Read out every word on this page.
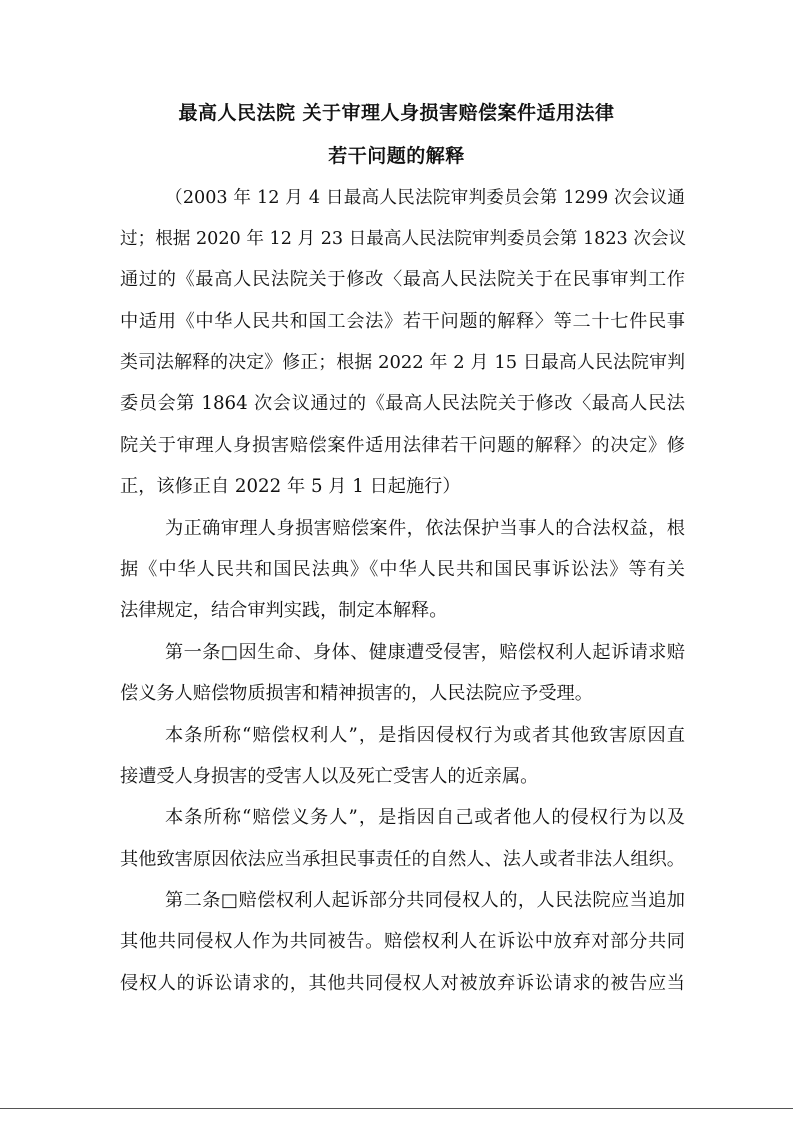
最高人民法院 关于审理人身损害赔偿案件适用法律
若干问题的解释
（2003 年 12 月 4 日最高人民法院审判委员会第 1299 次会议通
过；根据 2020 年 12 月 23 日最高人民法院审判委员会第 1823 次会议
通过的《最高人民法院关于修改〈最高人民法院关于在民事审判工作
中适用《中华人民共和国工会法》若干问题的解释〉等二十七件民事
类司法解释的决定》修正；根据 2022 年 2 月 15 日最高人民法院审判
委员会第 1864 次会议通过的《最高人民法院关于修改〈最高人民法
院关于审理人身损害赔偿案件适用法律若干问题的解释〉的决定》修
正，该修正自 2022 年 5 月 1 日起施行）
为正确审理人身损害赔偿案件，依法保护当事人的合法权益，根
据《中华人民共和国民法典》《中华人民共和国民事诉讼法》等有关
法律规定，结合审判实践，制定本解释。
第一条□因生命、身体、健康遭受侵害，赔偿权利人起诉请求赔
偿义务人赔偿物质损害和精神损害的，人民法院应予受理。
本条所称“赔偿权利人”，是指因侵权行为或者其他致害原因直
接遭受人身损害的受害人以及死亡受害人的近亲属。
本条所称“赔偿义务人”，是指因自己或者他人的侵权行为以及
其他致害原因依法应当承担民事责任的自然人、法人或者非法人组织。
第二条□赔偿权利人起诉部分共同侵权人的，人民法院应当追加
其他共同侵权人作为共同被告。赔偿权利人在诉讼中放弃对部分共同
侵权人的诉讼请求的，其他共同侵权人对被放弃诉讼请求的被告应当
